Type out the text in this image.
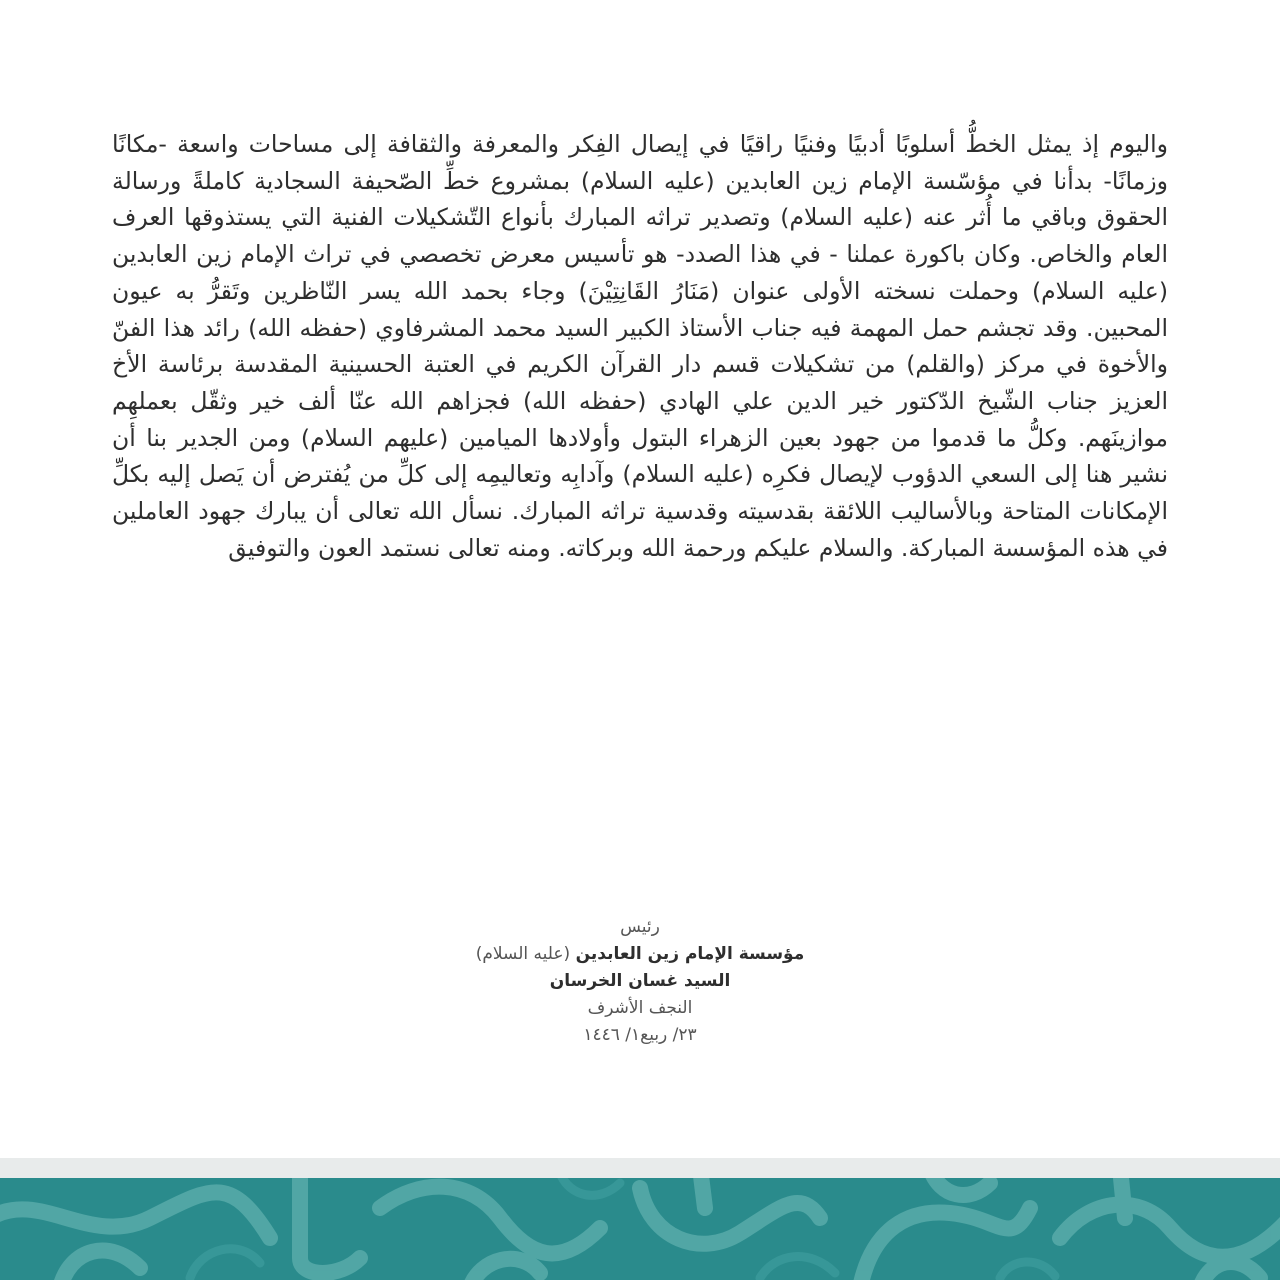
واليوم إذ يمثل الخطُّ أسلوبًا أدبيًا وفنيًا راقيًا في إيصال الفِكر والمعرفة والثقافة إلى مساحات واسعة -مكانًا وزمانًا- بدأنا في مؤسّسة الإمام زين العابدين (عليه السلام) بمشروع خطِّ الصّحيفة السجادية كاملةً ورسالة الحقوق وباقي ما أُثر عنه (عليه السلام) وتصدير تراثه المبارك بأنواع التّشكيلات الفنية التي يستذوقها العرف العام والخاص. وكان باكورة عملنا - في هذا الصدد- هو تأسيس معرض تخصصي في تراث الإمام زين العابدين (عليه السلام) وحملت نسخته الأولى عنوان (مَنَارُ القَانِتِيْنَ) وجاء بحمد الله يسر النّاظرين وتَقرُّ به عيون المحبين. وقد تجشم حمل المهمة فيه جناب الأستاذ الكبير السيد محمد المشرفاوي (حفظه الله) رائد هذا الفنّ والأخوة في مركز (والقلم) من تشكيلات قسم دار القرآن الكريم في العتبة الحسينية المقدسة برئاسة الأخ العزيز جناب الشّيخ الدّكتور خير الدين علي الهادي (حفظه الله) فجزاهم الله عنّا ألف خير وثقّل بعملهِم موازينَهم. وكلُّ ما قدموا من جهود بعين الزهراء البتول وأولادها الميامين (عليهم السلام) ومن الجدير بنا أن نشير هنا إلى السعي الدؤوب لإيصال فكرِه (عليه السلام) وآدابِه وتعاليمِه إلى كلِّ من يُفترض أن يَصل إليه بكلِّ الإمكانات المتاحة وبالأساليب اللائقة بقدسيته وقدسية تراثه المبارك. نسأل الله تعالى أن يبارك جهود العاملين في هذه المؤسسة المباركة. والسلام عليكم ورحمة الله وبركاته. ومنه تعالى نستمد العون والتوفيق

رئيس
مؤسسة الإمام زين العابدين (عليه السلام)
السيد غسان الخرسان
النجف الأشرف
٢٣/ ربيع١/ ١٤٤٦
